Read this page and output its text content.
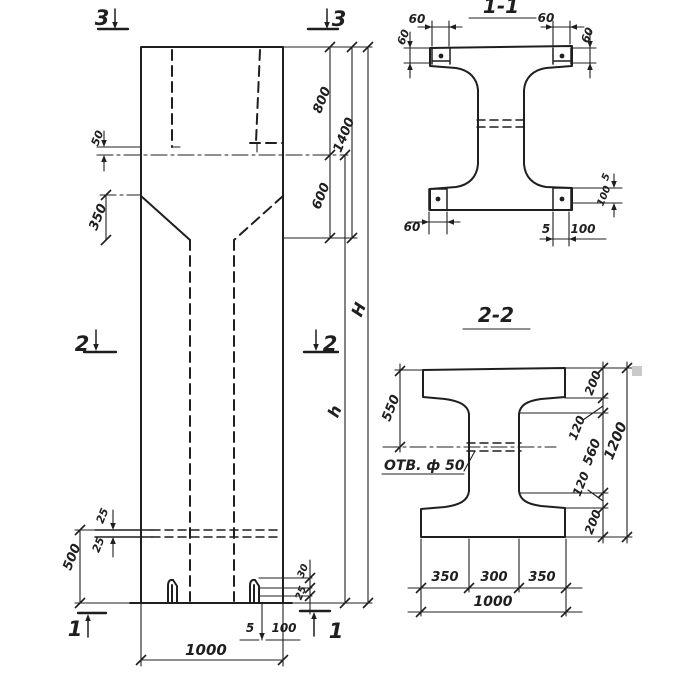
3	3
2	2
1	1
50
350
800
1400
600
H
h
500
25
25
30
25
5 100
1000
1-1
60	60
60	60
60
5
100
5 100
2-2
ОТВ. ф 50
550
200
120
560
120
200
1200
350 300 350
1000
